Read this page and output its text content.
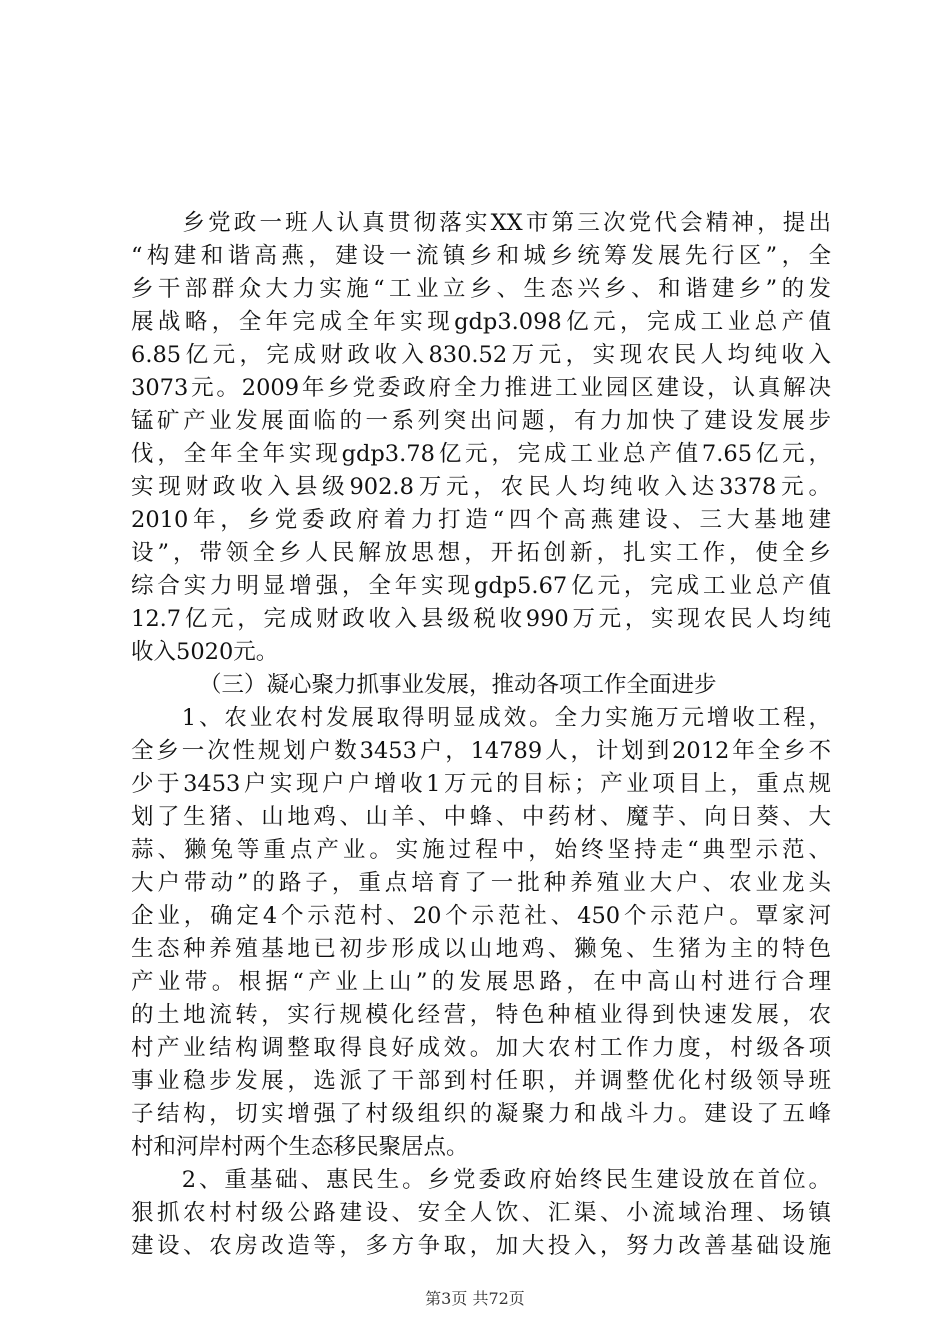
　　乡党政一班人认真贯彻落实XX市第三次党代会精神，提出
“构建和谐高燕，建设一流镇乡和城乡统筹发展先行区”，全
乡干部群众大力实施“工业立乡、生态兴乡、和谐建乡”的发
展战略，全年完成全年实现gdp3.098亿元，完成工业总产值
6.85亿元，完成财政收入830.52万元，实现农民人均纯收入
3073元。2009年乡党委政府全力推进工业园区建设，认真解决
锰矿产业发展面临的一系列突出问题，有力加快了建设发展步
伐，全年全年实现gdp3.78亿元，完成工业总产值7.65亿元，
实现财政收入县级902.8万元，农民人均纯收入达3378元。
2010年，乡党委政府着力打造“四个高燕建设、三大基地建
设”，带领全乡人民解放思想，开拓创新，扎实工作，使全乡
综合实力明显增强，全年实现gdp5.67亿元，完成工业总产值
12.7亿元，完成财政收入县级税收990万元，实现农民人均纯
收入5020元。
（三）凝心聚力抓事业发展，推动各项工作全面进步
　　1、农业农村发展取得明显成效。全力实施万元增收工程，
全乡一次性规划户数3453户，14789人，计划到2012年全乡不
少于3453户实现户户增收1万元的目标；产业项目上，重点规
划了生猪、山地鸡、山羊、中蜂、中药材、魔芋、向日葵、大
蒜、獭兔等重点产业。实施过程中，始终坚持走“典型示范、
大户带动”的路子，重点培育了一批种养殖业大户、农业龙头
企业，确定4个示范村、20个示范社、450个示范户。覃家河
生态种养殖基地已初步形成以山地鸡、獭兔、生猪为主的特色
产业带。根据“产业上山”的发展思路，在中高山村进行合理
的土地流转，实行规模化经营，特色种植业得到快速发展，农
村产业结构调整取得良好成效。加大农村工作力度，村级各项
事业稳步发展，选派了干部到村任职，并调整优化村级领导班
子结构，切实增强了村级组织的凝聚力和战斗力。建设了五峰
村和河岸村两个生态移民聚居点。
　　2、重基础、惠民生。乡党委政府始终民生建设放在首位。
狠抓农村村级公路建设、安全人饮、汇渠、小流域治理、场镇
建设、农房改造等，多方争取，加大投入，努力改善基础设施
第3页 共72页
